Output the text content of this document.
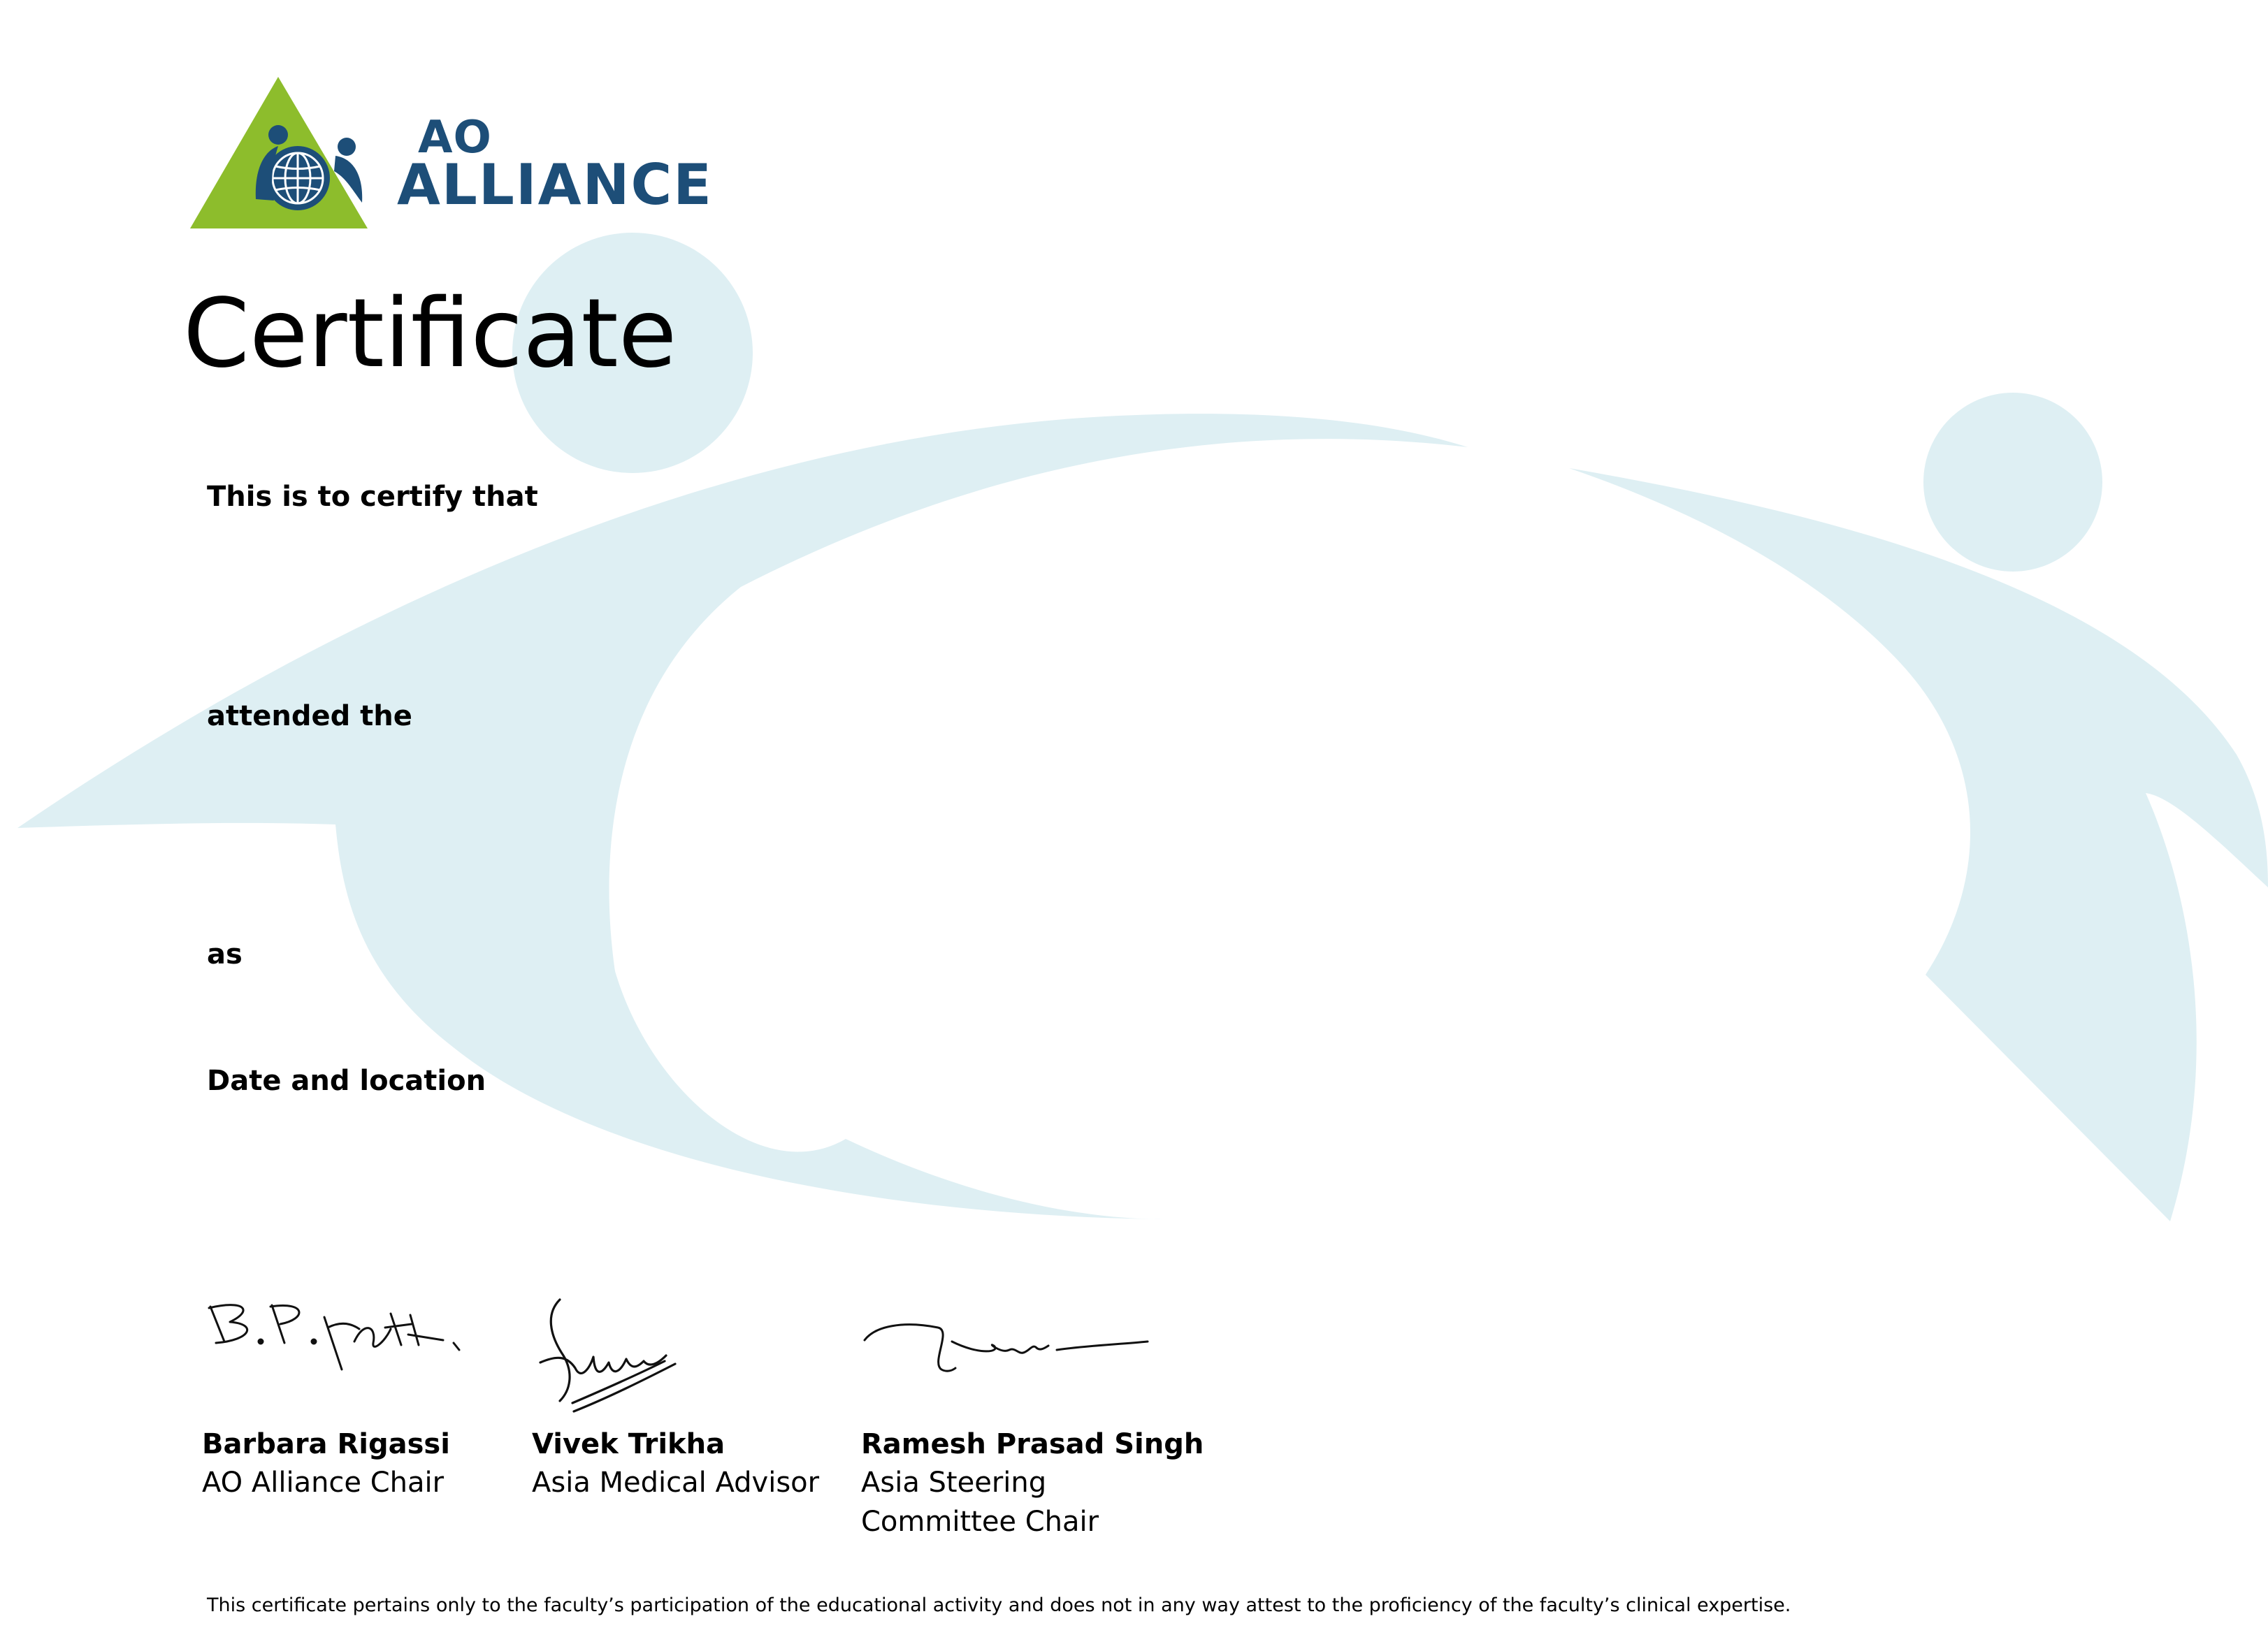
AO
ALLIANCE
Certificate
This is to certify that
attended the
as
Date and location
Barbara Rigassi
AO Alliance Chair
Vivek Trikha
Asia Medical Advisor
Ramesh Prasad Singh
Asia Steering Committee Chair
This certificate pertains only to the faculty’s participation of the educational activity and does not in any way attest to the proficiency of the faculty’s clinical expertise.
